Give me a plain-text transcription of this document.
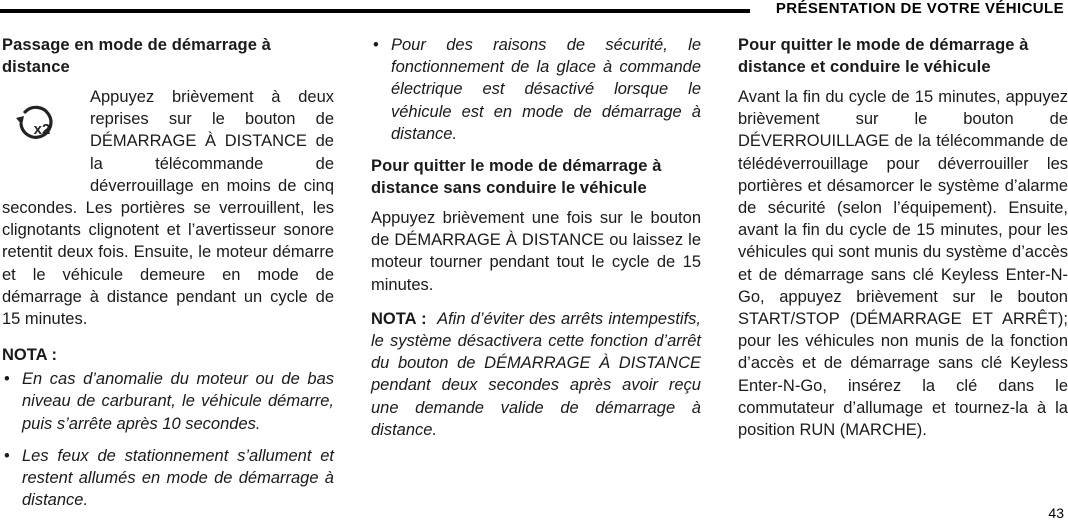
PRÉSENTATION DE VOTRE VÉHICULE
Passage en mode de démarrage à distance
x2

Appuyez brièvement à deux reprises sur le bouton de DÉMARRAGE À DISTANCE de la télécommande de déverrouillage en moins de cinq secondes. Les portières se verrouillent, les clignotants clignotent et l’avertisseur sonore retentit deux fois. Ensuite, le moteur démarre et le véhicule demeure en mode de démarrage à distance pendant un cycle de 15 minutes.

NOTA :
• En cas d’anomalie du moteur ou de bas niveau de carburant, le véhicule démarre, puis s’arrête après 10 secondes.
• Les feux de stationnement s’allument et restent allumés en mode de démarrage à distance.
• Pour des raisons de sécurité, le fonctionnement de la glace à commande électrique est désactivé lorsque le véhicule est en mode de démarrage à distance.
Pour quitter le mode de démarrage à distance sans conduire le véhicule

Appuyez brièvement une fois sur le bouton de DÉMARRAGE À DISTANCE ou laissez le moteur tourner pendant tout le cycle de 15 minutes.

NOTA : Afin d’éviter des arrêts intempestifs, le système désactivera cette fonction d’arrêt du bouton de DÉMARRAGE À DISTANCE pendant deux secondes après avoir reçu une demande valide de démarrage à distance.

Pour quitter le mode de démarrage à distance et conduire le véhicule

Avant la fin du cycle de 15 minutes, appuyez brièvement sur le bouton de DÉVERROUILLAGE de la télécommande de télédéverrouillage pour déverrouiller les portières et désamorcer le système d’alarme de sécurité (selon l’équipement). Ensuite, avant la fin du cycle de 15 minutes, pour les véhicules qui sont munis du système d’accès et de démarrage sans clé Keyless Enter-N-Go, appuyez brièvement sur le bouton START/STOP (DÉMARRAGE ET ARRÊT); pour les véhicules non munis de la fonction d’accès et de démarrage sans clé Keyless Enter-N-Go, insérez la clé dans le commutateur d’allumage et tournez-la à la position RUN (MARCHE).

43
